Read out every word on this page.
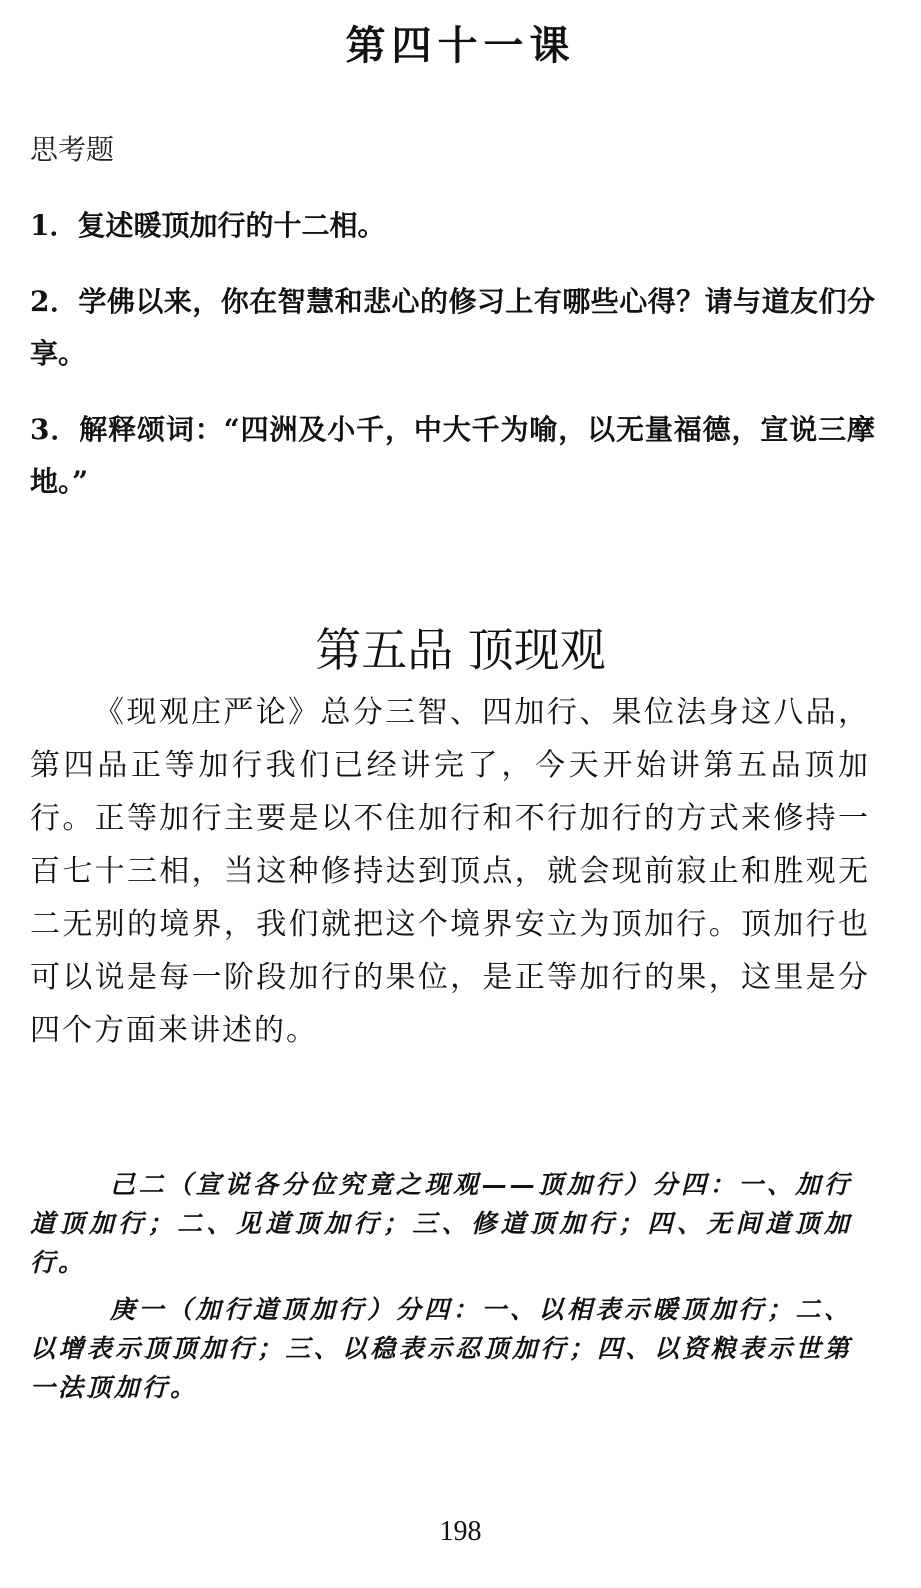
第四十一课
思考题
1．复述暖顶加行的十二相。
2．学佛以来，你在智慧和悲心的修习上有哪些心得？请与道友们分享。
3．解释颂词：“四洲及小千，中大千为喻，以无量福德，宣说三摩地。”
第五品 顶现观

《现观庄严论》总分三智、四加行、果位法身这八品，第四品正等加行我们已经讲完了，今天开始讲第五品顶加行。正等加行主要是以不住加行和不行加行的方式来修持一百七十三相，当这种修持达到顶点，就会现前寂止和胜观无二无别的境界，我们就把这个境界安立为顶加行。顶加行也可以说是每一阶段加行的果位，是正等加行的果，这里是分四个方面来讲述的。

己二（宣说各分位究竟之现观——顶加行）分四：一、加行道顶加行；二、见道顶加行；三、修道顶加行；四、无间道顶加行。

庚一（加行道顶加行）分四：一、以相表示暖顶加行；二、以增表示顶顶加行；三、以稳表示忍顶加行；四、以资粮表示世第一法顶加行。

198
